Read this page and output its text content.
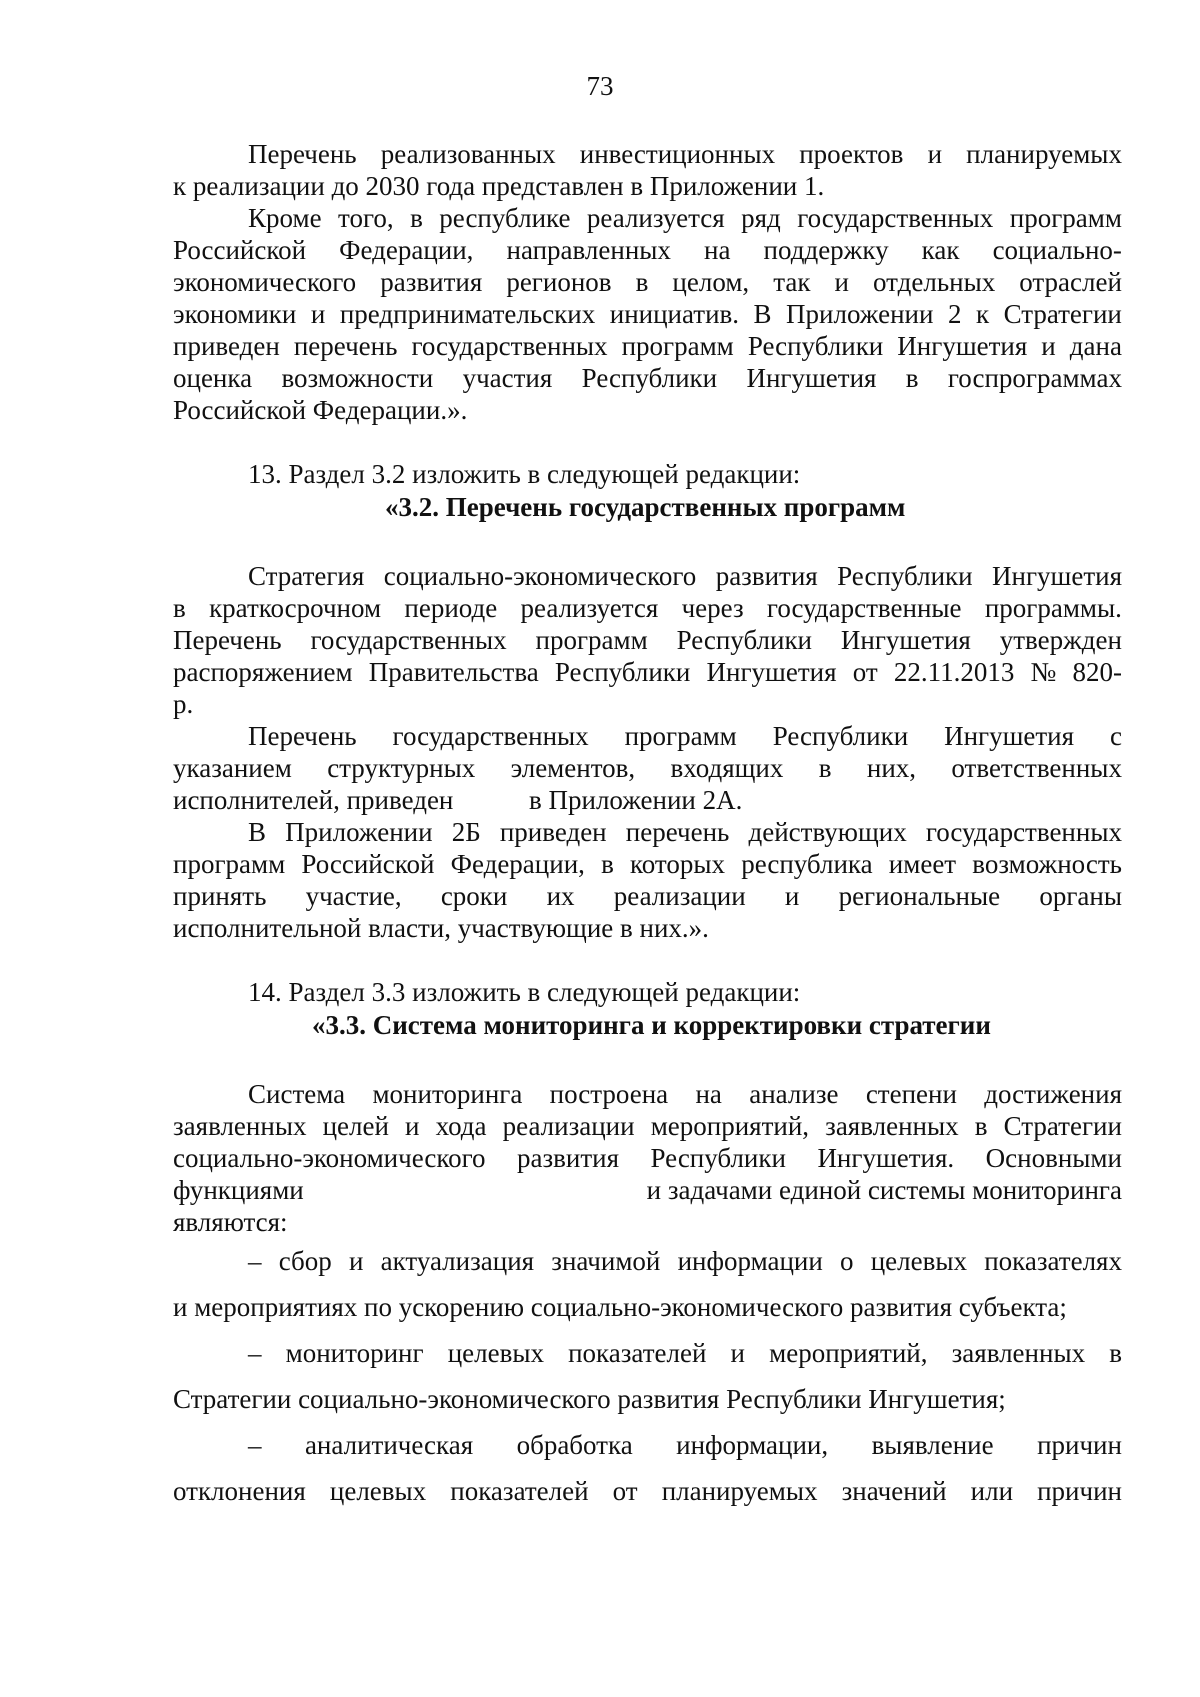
73
Перечень реализованных инвестиционных проектов и планируемых
к реализации до 2030 года представлен в Приложении 1.
Кроме того, в республике реализуется ряд государственных программ
Российской Федерации, направленных на поддержку как социально-
экономического развития регионов в целом, так и отдельных отраслей
экономики и предпринимательских инициатив. В Приложении 2 к Стратегии
приведен перечень государственных программ Республики Ингушетия и дана
оценка возможности участия Республики Ингушетия в госпрограммах
Российской Федерации.».
13. Раздел 3.2 изложить в следующей редакции:
«3.2. Перечень государственных программ
Стратегия социально-экономического развития Республики Ингушетия
в краткосрочном периоде реализуется через государственные программы.
Перечень государственных программ Республики Ингушетия утвержден
распоряжением Правительства Республики Ингушетия от 22.11.2013 № 820-
р.
Перечень государственных программ Республики Ингушетия с
указанием структурных элементов, входящих в них, ответственных
исполнителей, приведен	в Приложении 2А.
В Приложении 2Б приведен перечень действующих государственных
программ Российской Федерации, в которых республика имеет возможность
принять участие, сроки их реализации и региональные органы
исполнительной власти, участвующие в них.».
14. Раздел 3.3 изложить в следующей редакции:
«3.3. Система мониторинга и корректировки стратегии
Система мониторинга построена на анализе степени достижения
заявленных целей и хода реализации мероприятий, заявленных в Стратегии
социально-экономического развития Республики Ингушетия. Основными
функциями	и задачами единой системы мониторинга
являются:
– сбор и актуализация значимой информации о целевых показателях
и мероприятиях по ускорению социально-экономического развития субъекта;
– мониторинг целевых показателей и мероприятий, заявленных в
Стратегии социально-экономического развития Республики Ингушетия;
– аналитическая обработка информации, выявление причин
отклонения целевых показателей от планируемых значений или причин
